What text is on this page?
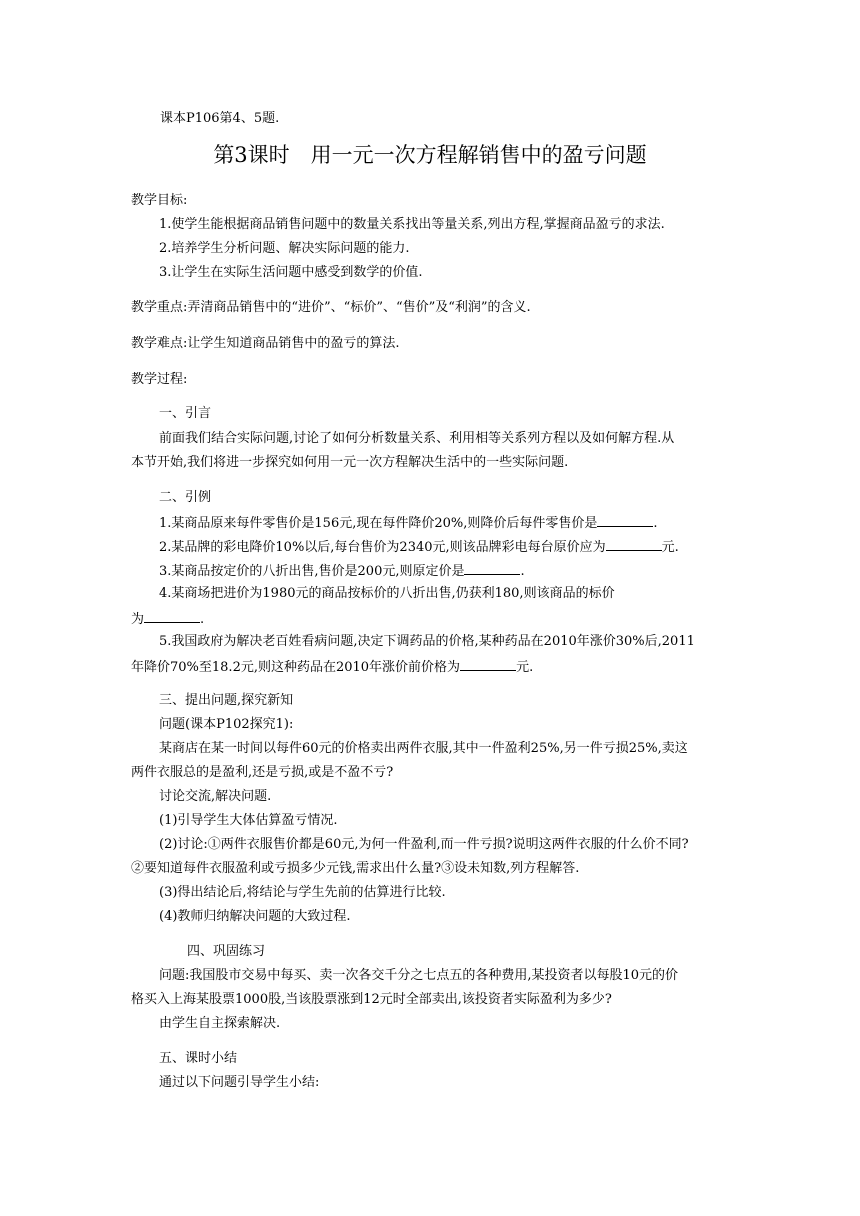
课本P106第4、5题.
第3课时　用一元一次方程解销售中的盈亏问题
教学目标:
1.使学生能根据商品销售问题中的数量关系找出等量关系,列出方程,掌握商品盈亏的求法.
2.培养学生分析问题、解决实际问题的能力.
3.让学生在实际生活问题中感受到数学的价值.
教学重点:弄清商品销售中的“进价”、“标价”、“售价”及“利润”的含义.
教学难点:让学生知道商品销售中的盈亏的算法.
教学过程:
一、引言
前面我们结合实际问题,讨论了如何分析数量关系、利用相等关系列方程以及如何解方程.从
本节开始,我们将进一步探究如何用一元一次方程解决生活中的一些实际问题.
二、引例
1.某商品原来每件零售价是156元,现在每件降价20%,则降价后每件零售价是	.
2.某品牌的彩电降价10%以后,每台售价为2340元,则该品牌彩电每台原价应为	元.
3.某商品按定价的八折出售,售价是200元,则原定价是	.
4.某商场把进价为1980元的商品按标价的八折出售,仍获利180,则该商品的标价
为	.
5.我国政府为解决老百姓看病问题,决定下调药品的价格,某种药品在2010年涨价30%后,2011
年降价70%至18.2元,则这种药品在2010年涨价前价格为	元.
三、提出问题,探究新知
问题(课本P102探究1):
某商店在某一时间以每件60元的价格卖出两件衣服,其中一件盈利25%,另一件亏损25%,卖这
两件衣服总的是盈利,还是亏损,或是不盈不亏?
讨论交流,解决问题.
(1)引导学生大体估算盈亏情况.
(2)讨论:①两件衣服售价都是60元,为何一件盈利,而一件亏损?说明这两件衣服的什么价不同?
②要知道每件衣服盈利或亏损多少元钱,需求出什么量?③设未知数,列方程解答.
(3)得出结论后,将结论与学生先前的估算进行比较.
(4)教师归纳解决问题的大致过程.
四、巩固练习
问题:我国股市交易中每买、卖一次各交千分之七点五的各种费用,某投资者以每股10元的价
格买入上海某股票1000股,当该股票涨到12元时全部卖出,该投资者实际盈利为多少?
由学生自主探索解决.
五、课时小结
通过以下问题引导学生小结:
